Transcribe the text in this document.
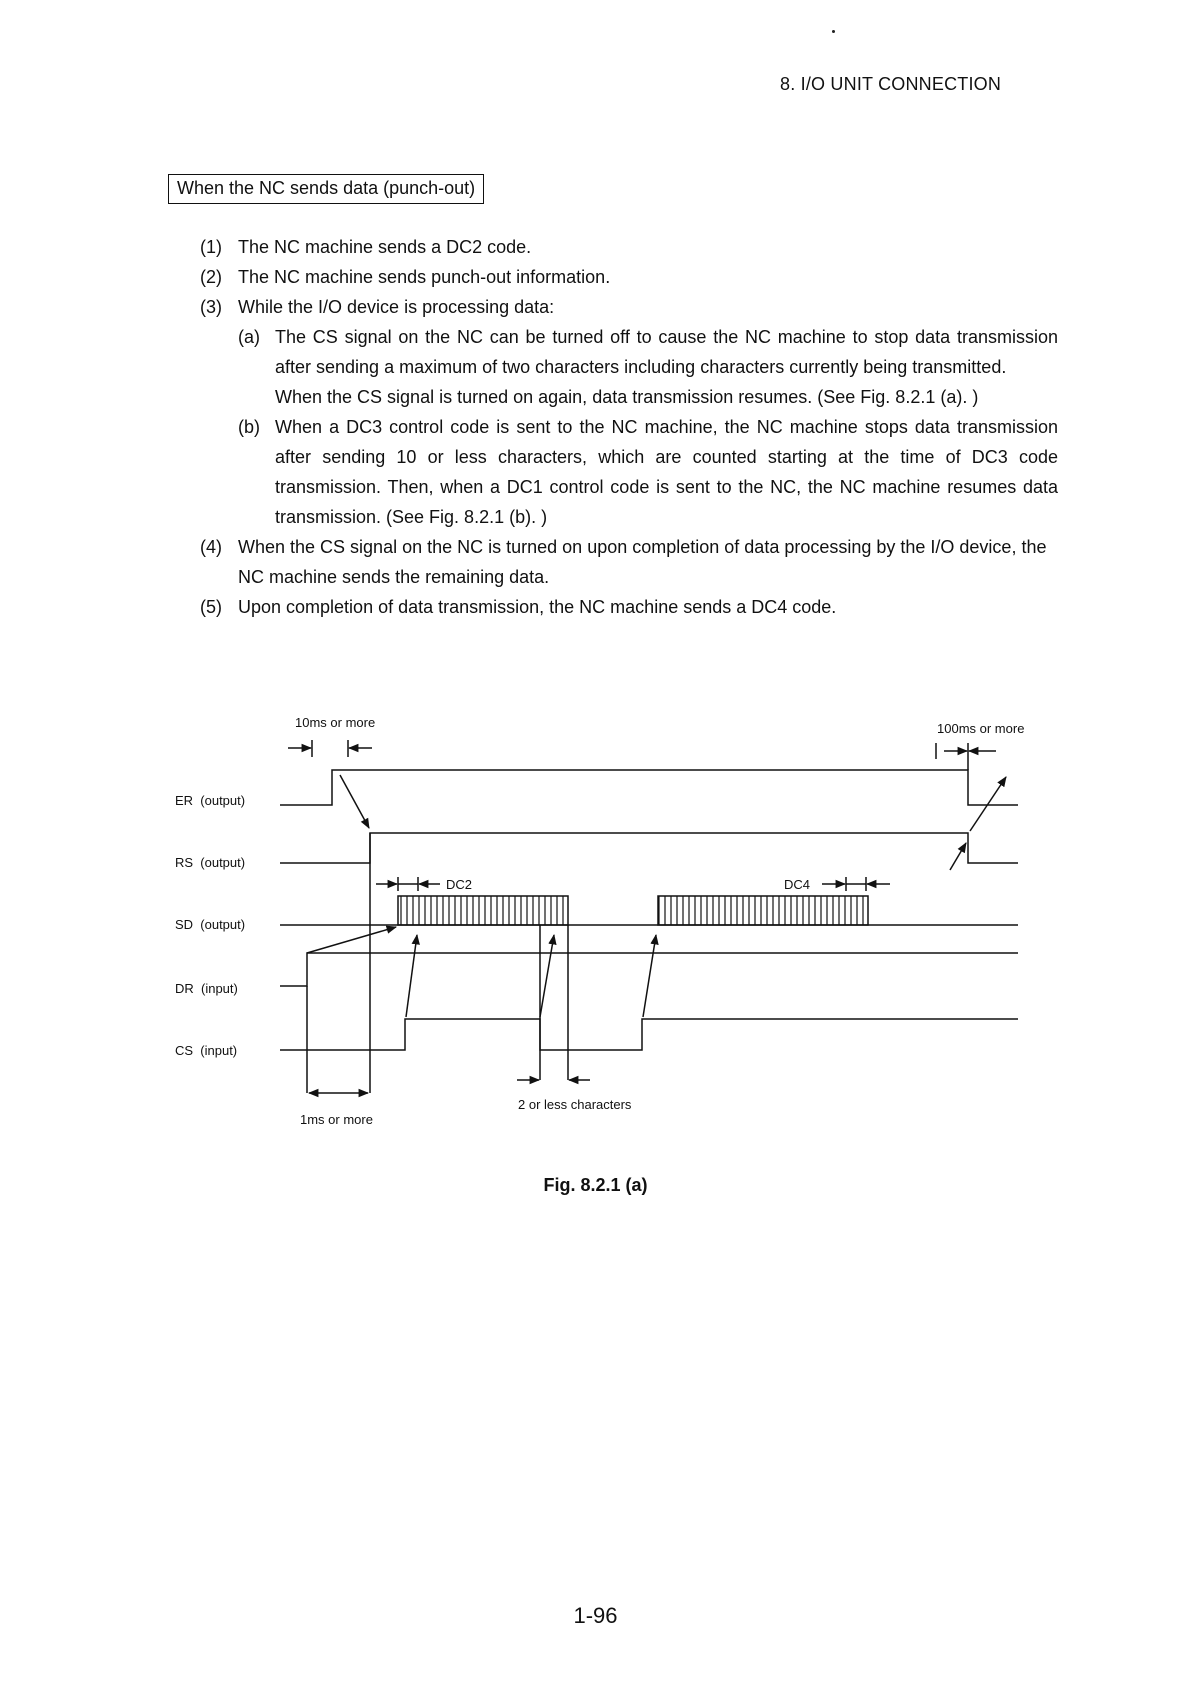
8. I/O UNIT CONNECTION
When the NC sends data (punch-out)
(1) The NC machine sends a DC2 code.
(2) The NC machine sends punch-out information.
(3) While the I/O device is processing data:
(a) The CS signal on the NC can be turned off to cause the NC machine to stop data transmission after sending a maximum of two characters including characters currently being transmitted.

When the CS signal is turned on again, data transmission resumes. (See Fig. 8.2.1 (a). )

(b) When a DC3 control code is sent to the NC machine, the NC machine stops data transmission after sending 10 or less characters, which are counted starting at the time of DC3 code transmission. Then, when a DC1 control code is sent to the NC, the NC machine resumes data transmission. (See Fig. 8.2.1 (b). )

(4) When the CS signal on the NC is turned on upon completion of data processing by the I/O device, the NC machine sends the remaining data.
(5) Upon completion of data transmission, the NC machine sends a DC4 code.
ER  (output)
RS  (output)
SD  (output)
DR  (input)
CS  (input)
10ms or more	100ms or more
DC2	DC4
1ms or more
2 or less characters
Fig. 8.2.1 (a)
1-96
